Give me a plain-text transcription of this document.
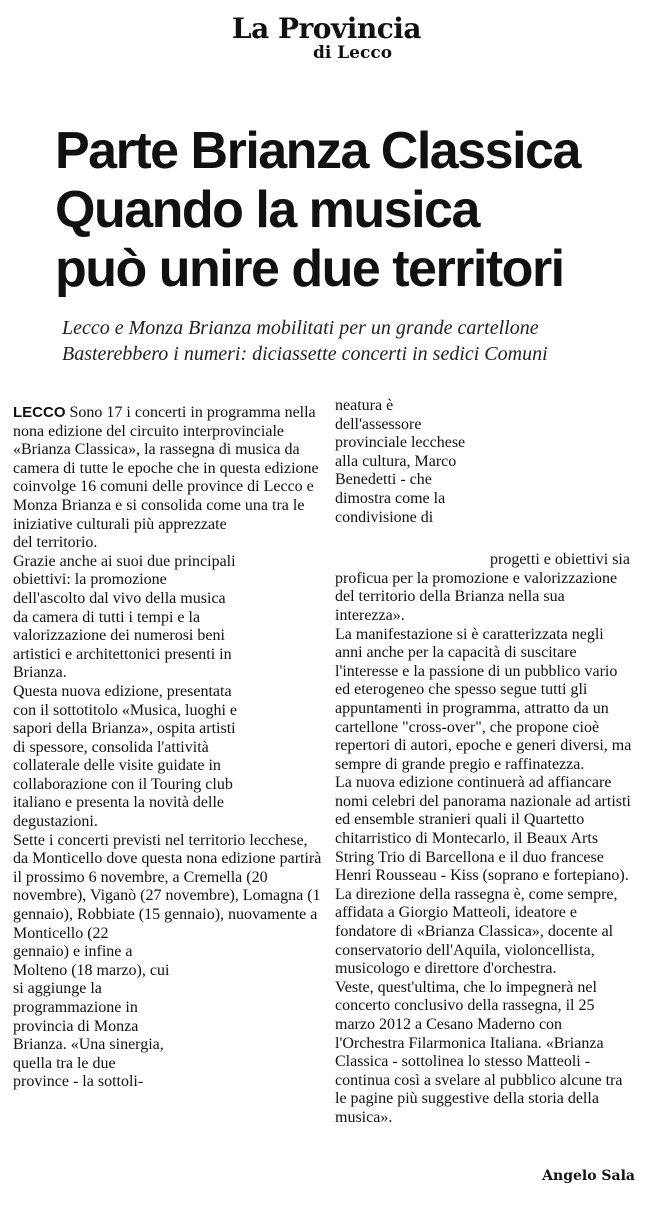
La Provincia
di Lecco
Parte Brianza Classica
Quando la musica
può unire due territori
Lecco e Monza Brianza mobilitati per un grande cartellone
Basterebbero i numeri: diciassette concerti in sedici Comuni

LECCO Sono 17 i concerti in programma nella nona edizione del circuito interprovinciale «Brianza Classica», la rassegna di musica da camera di tutte le epoche che in questa edizione coinvolge 16 comuni delle province di Lecco e Monza Brianza e si consolida come una tra le

iniziative culturali più apprezzate del territorio.

Grazie anche ai suoi due principali obiettivi: la promozione dell'ascolto dal vivo della musica da camera di tutti i tempi e la valorizzazione dei numerosi beni artistici e architettonici presenti in Brianza.

Questa nuova edizione, presentata con il sottotitolo «Musica, luoghi e sapori della Brianza», ospita artisti di spessore, consolida l'attività collaterale delle visite guidate in collaborazione con il Touring club italiano e presenta la novità delle degustazioni.

Sette i concerti previsti nel territorio lecchese, da Monticello dove questa nona edizione partirà il prossimo 6 novembre, a Cremella (20 novembre), Viganò (27 novembre), Lomagna (1 gennaio), Robbiate (15 gennaio), nuovamente a Monticello (22

gennaio) e infine a Molteno (18 marzo), cui si aggiunge la programmazione in provincia di Monza Brianza. «Una sinergia, quella tra le due province - la sottoli-

neatura è dell'assessore provinciale lecchese alla cultura, Marco Benedetti - che dimostra come la condivisione di

progetti e obiettivi sia proficua per la promozione e valorizzazione del territorio della Brianza nella sua interezza».

La manifestazione si è caratterizzata negli anni anche per la capacità di suscitare l'interesse e la passione di un pubblico vario ed eterogeneo che spesso segue tutti gli appuntamenti in programma, attratto da un cartellone "cross-over", che propone cioè repertori di autori, epoche e generi diversi, ma sempre di grande pregio e raffinatezza.

La nuova edizione continuerà ad affiancare nomi celebri del panorama nazionale ad artisti ed ensemble stranieri quali il Quartetto chitarristico di Montecarlo, il Beaux Arts String Trio di Barcellona e il duo francese Henri Rousseau - Kiss (soprano e fortepiano).

La direzione della rassegna è, come sempre, affidata a Giorgio Matteoli, ideatore e fondatore di «Brianza Classica», docente al conservatorio dell'Aquila, violoncellista, musicologo e direttore d'orchestra.

Veste, quest'ultima, che lo impegnerà nel concerto conclusivo della rassegna, il 25 marzo 2012 a Cesano Maderno con l'Orchestra Filarmonica Italiana. «Brianza Classica - sottolinea lo stesso Matteoli - continua così a svelare al pubblico alcune tra le pagine più suggestive della storia della musica».

Angelo Sala
